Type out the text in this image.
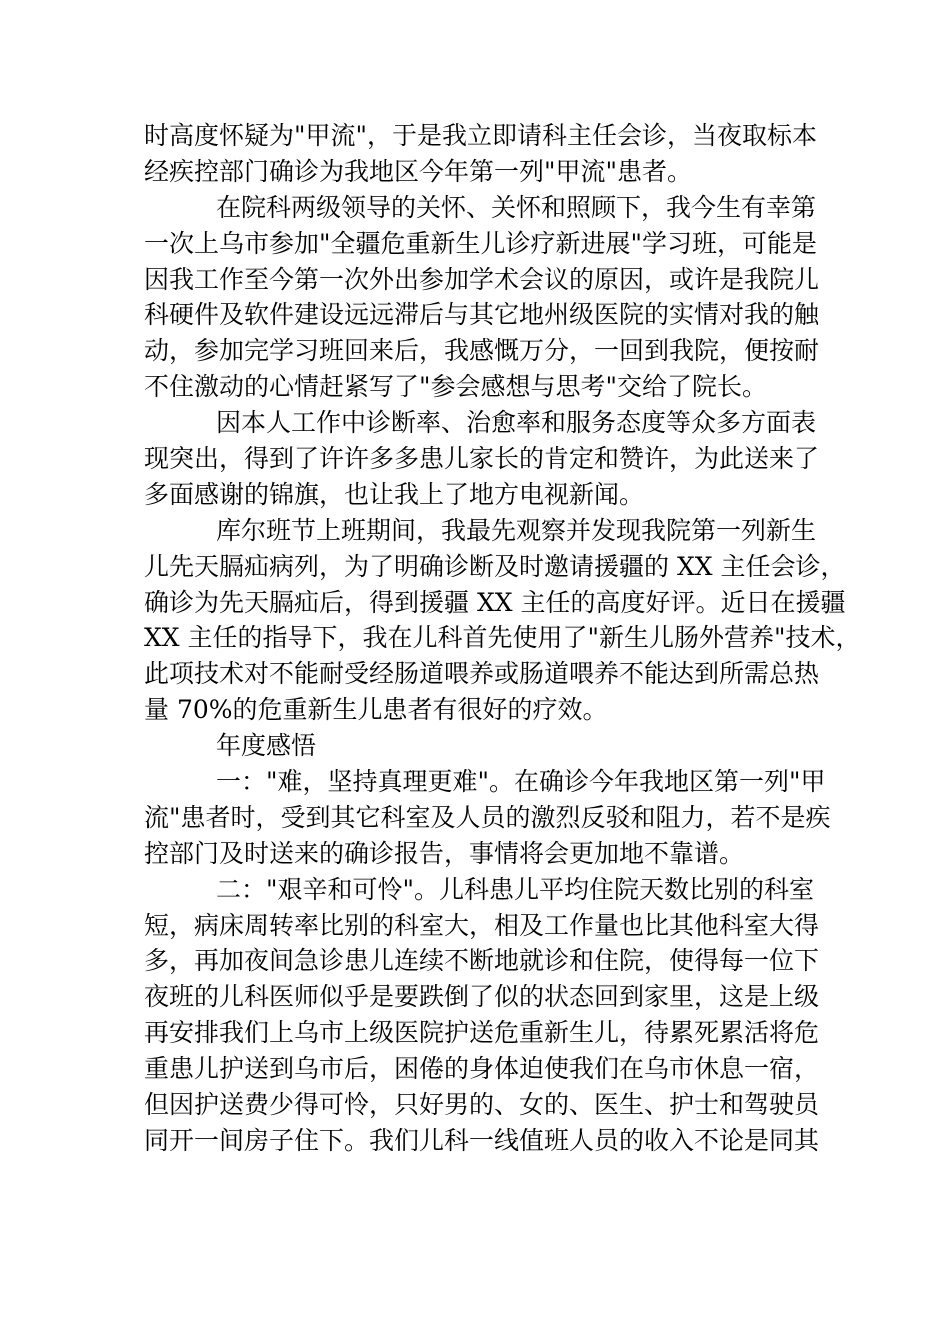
时高度怀疑为"甲流"，于是我立即请科主任会诊，当夜取标本
经疾控部门确诊为我地区今年第一列"甲流"患者。
在院科两级领导的关怀、关怀和照顾下，我今生有幸第
一次上乌市参加"全疆危重新生儿诊疗新进展"学习班，可能是
因我工作至今第一次外出参加学术会议的原因，或许是我院儿
科硬件及软件建设远远滞后与其它地州级医院的实情对我的触
动，参加完学习班回来后，我感慨万分，一回到我院，便按耐
不住激动的心情赶紧写了"参会感想与思考"交给了院长。
因本人工作中诊断率、治愈率和服务态度等众多方面表
现突出，得到了许许多多患儿家长的肯定和赞许，为此送来了
多面感谢的锦旗，也让我上了地方电视新闻。
库尔班节上班期间，我最先观察并发现我院第一列新生
儿先天膈疝病列，为了明确诊断及时邀请援疆的 XX 主任会诊，
确诊为先天膈疝后，得到援疆 XX 主任的高度好评。近日在援疆
XX 主任的指导下，我在儿科首先使用了"新生儿肠外营养"技术，
此项技术对不能耐受经肠道喂养或肠道喂养不能达到所需总热
量 70%的危重新生儿患者有很好的疗效。
年度感悟
一："难，坚持真理更难"。在确诊今年我地区第一列"甲
流"患者时，受到其它科室及人员的激烈反驳和阻力，若不是疾
控部门及时送来的确诊报告，事情将会更加地不靠谱。
二："艰辛和可怜"。儿科患儿平均住院天数比别的科室
短，病床周转率比别的科室大，相及工作量也比其他科室大得
多，再加夜间急诊患儿连续不断地就诊和住院，使得每一位下
夜班的儿科医师似乎是要跌倒了似的状态回到家里，这是上级
再安排我们上乌市上级医院护送危重新生儿，待累死累活将危
重患儿护送到乌市后，困倦的身体迫使我们在乌市休息一宿，
但因护送费少得可怜，只好男的、女的、医生、护士和驾驶员
同开一间房子住下。我们儿科一线值班人员的收入不论是同其
